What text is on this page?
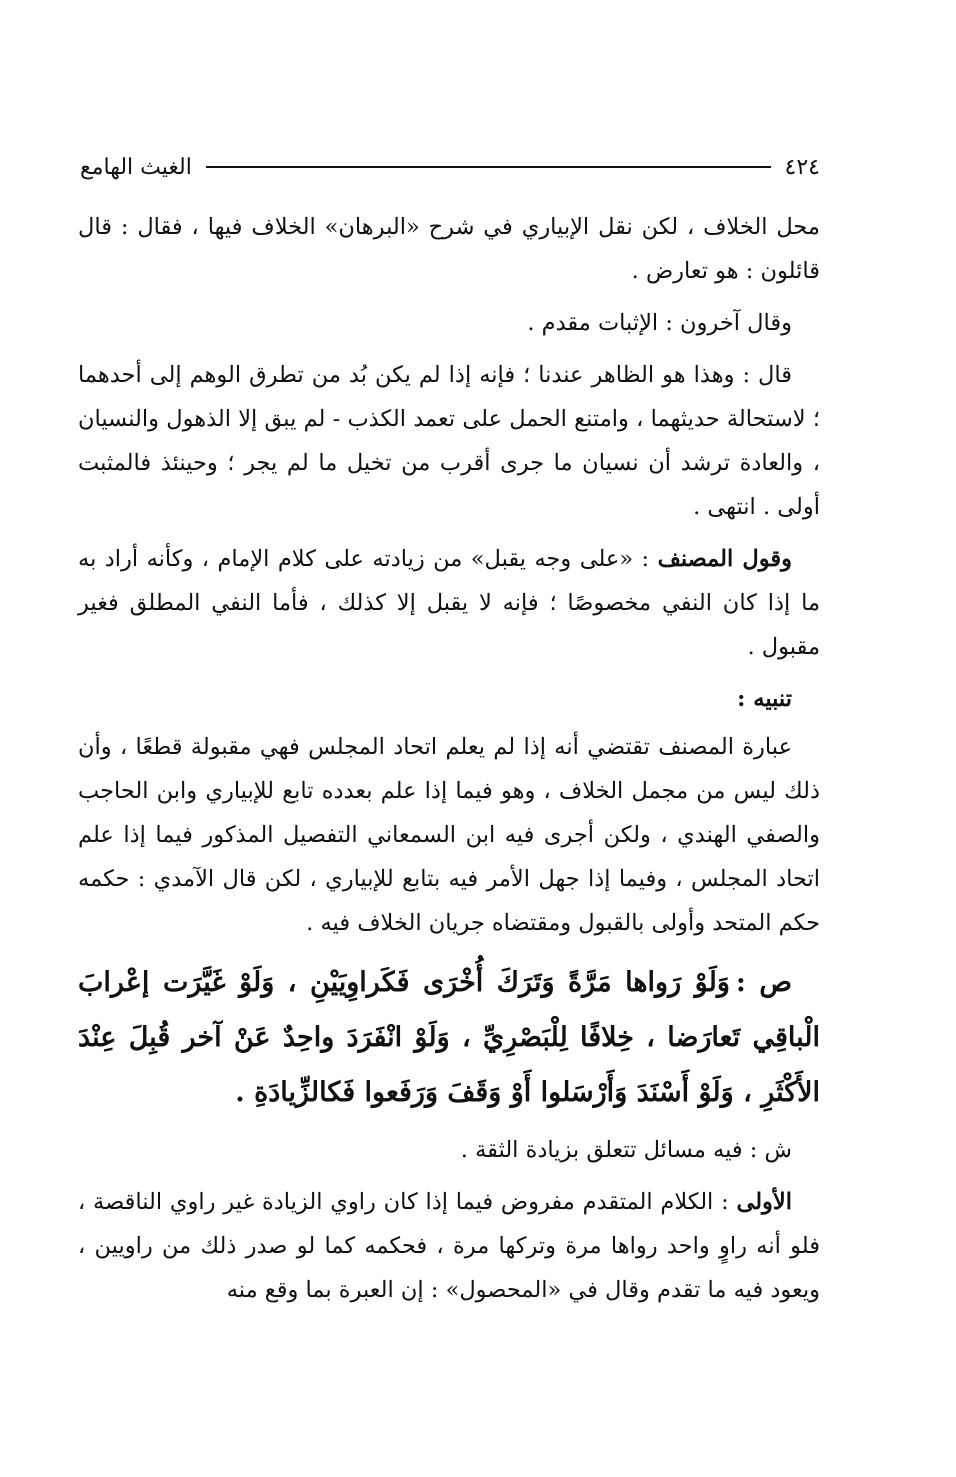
٤٢٤
الغيث الهامع

محل الخلاف ، لكن نقل الإبياري في شرح «البرهان» الخلاف فيها ، فقال : قال قائلون : هو تعارض .

وقال آخرون : الإثبات مقدم .

قال : وهذا هو الظاهر عندنا ؛ فإنه إذا لم يكن بُد من تطرق الوهم إلى أحدهما ؛ لاستحالة حديثهما ، وامتنع الحمل على تعمد الكذب - لم يبق إلا الذهول والنسيان ، والعادة ترشد أن نسيان ما جرى أقرب من تخيل ما لم يجر ؛ وحينئذ فالمثبت أولى . انتهى .

وقول المصنف : «على وجه يقبل» من زيادته على كلام الإمام ، وكأنه أراد به ما إذا كان النفي مخصوصًا ؛ فإنه لا يقبل إلا كذلك ، فأما النفي المطلق فغير مقبول .

تنبيه :

عبارة المصنف تقتضي أنه إذا لم يعلم اتحاد المجلس فهي مقبولة قطعًا ، وأن ذلك ليس من مجمل الخلاف ، وهو فيما إذا علم بعدده تابع للإبياري وابن الحاجب والصفي الهندي ، ولكن أجرى فيه ابن السمعاني التفصيل المذكور فيما إذا علم اتحاد المجلس ، وفيما إذا جهل الأمر فيه بتابع للإبياري ، لكن قال الآمدي : حكمه حكم المتحد وأولى بالقبول ومقتضاه جريان الخلاف فيه .

ص :وَلَوْ رَواها مَرَّةً وَتَرَكَ أُخْرَى فَكَراوِيَيْنِ ، وَلَوْ غَيَّرَت إعْرابَ الْباقِي تَعارَضا ، خِلافًا لِلْبَصْرِيِّ ، وَلَوْ انْفَرَدَ واحِدٌ عَنْ آخر قُبِلَ عِنْدَ الأَكْثَرِ ، وَلَوْ أَسْنَدَ وَأَرْسَلوا أَوْ وَقَفَ وَرَفَعوا فَكالزِّيادَةِ .

ش : فيه مسائل تتعلق بزيادة الثقة .

الأولى : الكلام المتقدم مفروض فيما إذا كان راوي الزيادة غير راوي الناقصة ، فلو أنه راوٍ واحد رواها مرة وتركها مرة ، فحكمه كما لو صدر ذلك من راويين ، ويعود فيه ما تقدم وقال في «المحصول» : إن العبرة بما وقع منه
